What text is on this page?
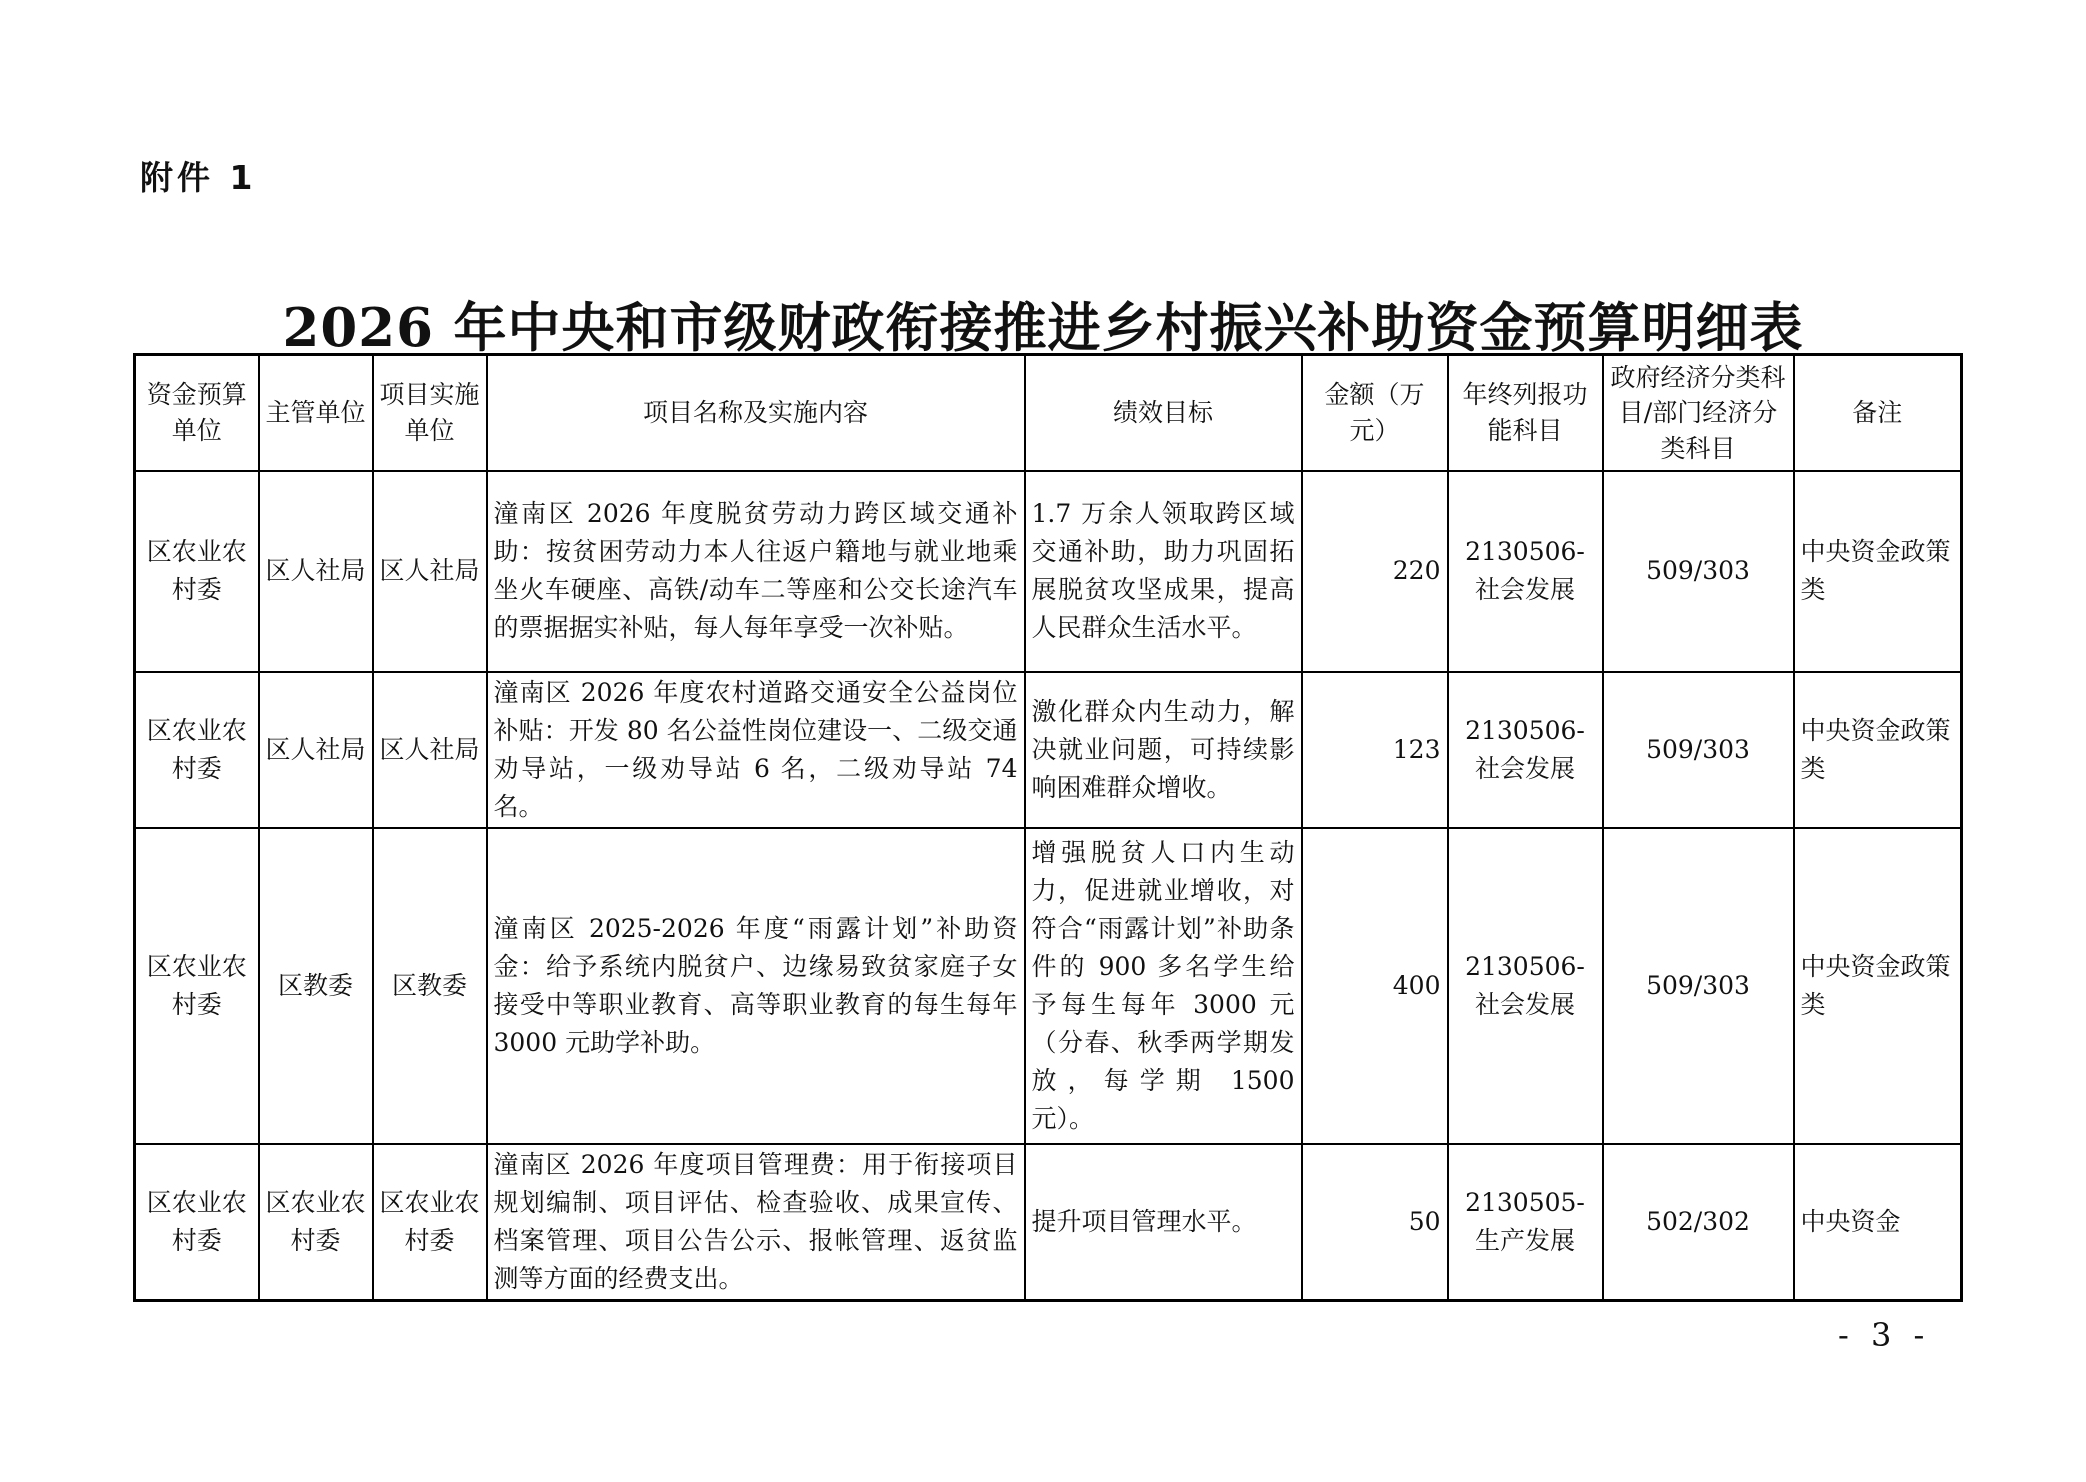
附件 1
2026 年中央和市级财政衔接推进乡村振兴补助资金预算明细表
资金预算单位	主管单位	项目实施单位	项目名称及实施内容	绩效目标	金额（万元）	年终列报功能科目	政府经济分类科目/部门经济分类科目	备注
区农业农村委	区人社局	区人社局	潼南区 2026 年度脱贫劳动力跨区域交通补助：按贫困劳动力本人往返户籍地与就业地乘坐火车硬座、高铁/动车二等座和公交长途汽车的票据据实补贴，每人每年享受一次补贴。	1.7 万余人领取跨区域交通补助，助力巩固拓展脱贫攻坚成果，提高人民群众生活水平。	220	2130506-社会发展	509/303	中央资金政策类
区农业农村委	区人社局	区人社局	潼南区 2026 年度农村道路交通安全公益岗位补贴：开发 80 名公益性岗位建设一、二级交通劝导站，一级劝导站 6 名，二级劝导站 74 名。	激化群众内生动力，解决就业问题，可持续影响困难群众增收。	123	2130506-社会发展	509/303	中央资金政策类
区农业农村委	区教委	区教委	潼南区 2025-2026 年度“雨露计划”补助资金：给予系统内脱贫户、边缘易致贫家庭子女接受中等职业教育、高等职业教育的每生每年 3000 元助学补助。	增强脱贫人口内生动力，促进就业增收，对符合“雨露计划”补助条件的 900 多名学生给予每生每年 3000 元（分春、秋季两学期发放，每学期 1500 元）。	400	2130506-社会发展	509/303	中央资金政策类
区农业农村委	区农业农村委	区农业农村委	潼南区 2026 年度项目管理费：用于衔接项目规划编制、项目评估、检查验收、成果宣传、档案管理、项目公告公示、报帐管理、返贫监测等方面的经费支出。	提升项目管理水平。	50	2130505-生产发展	502/302	中央资金
- 3 -
